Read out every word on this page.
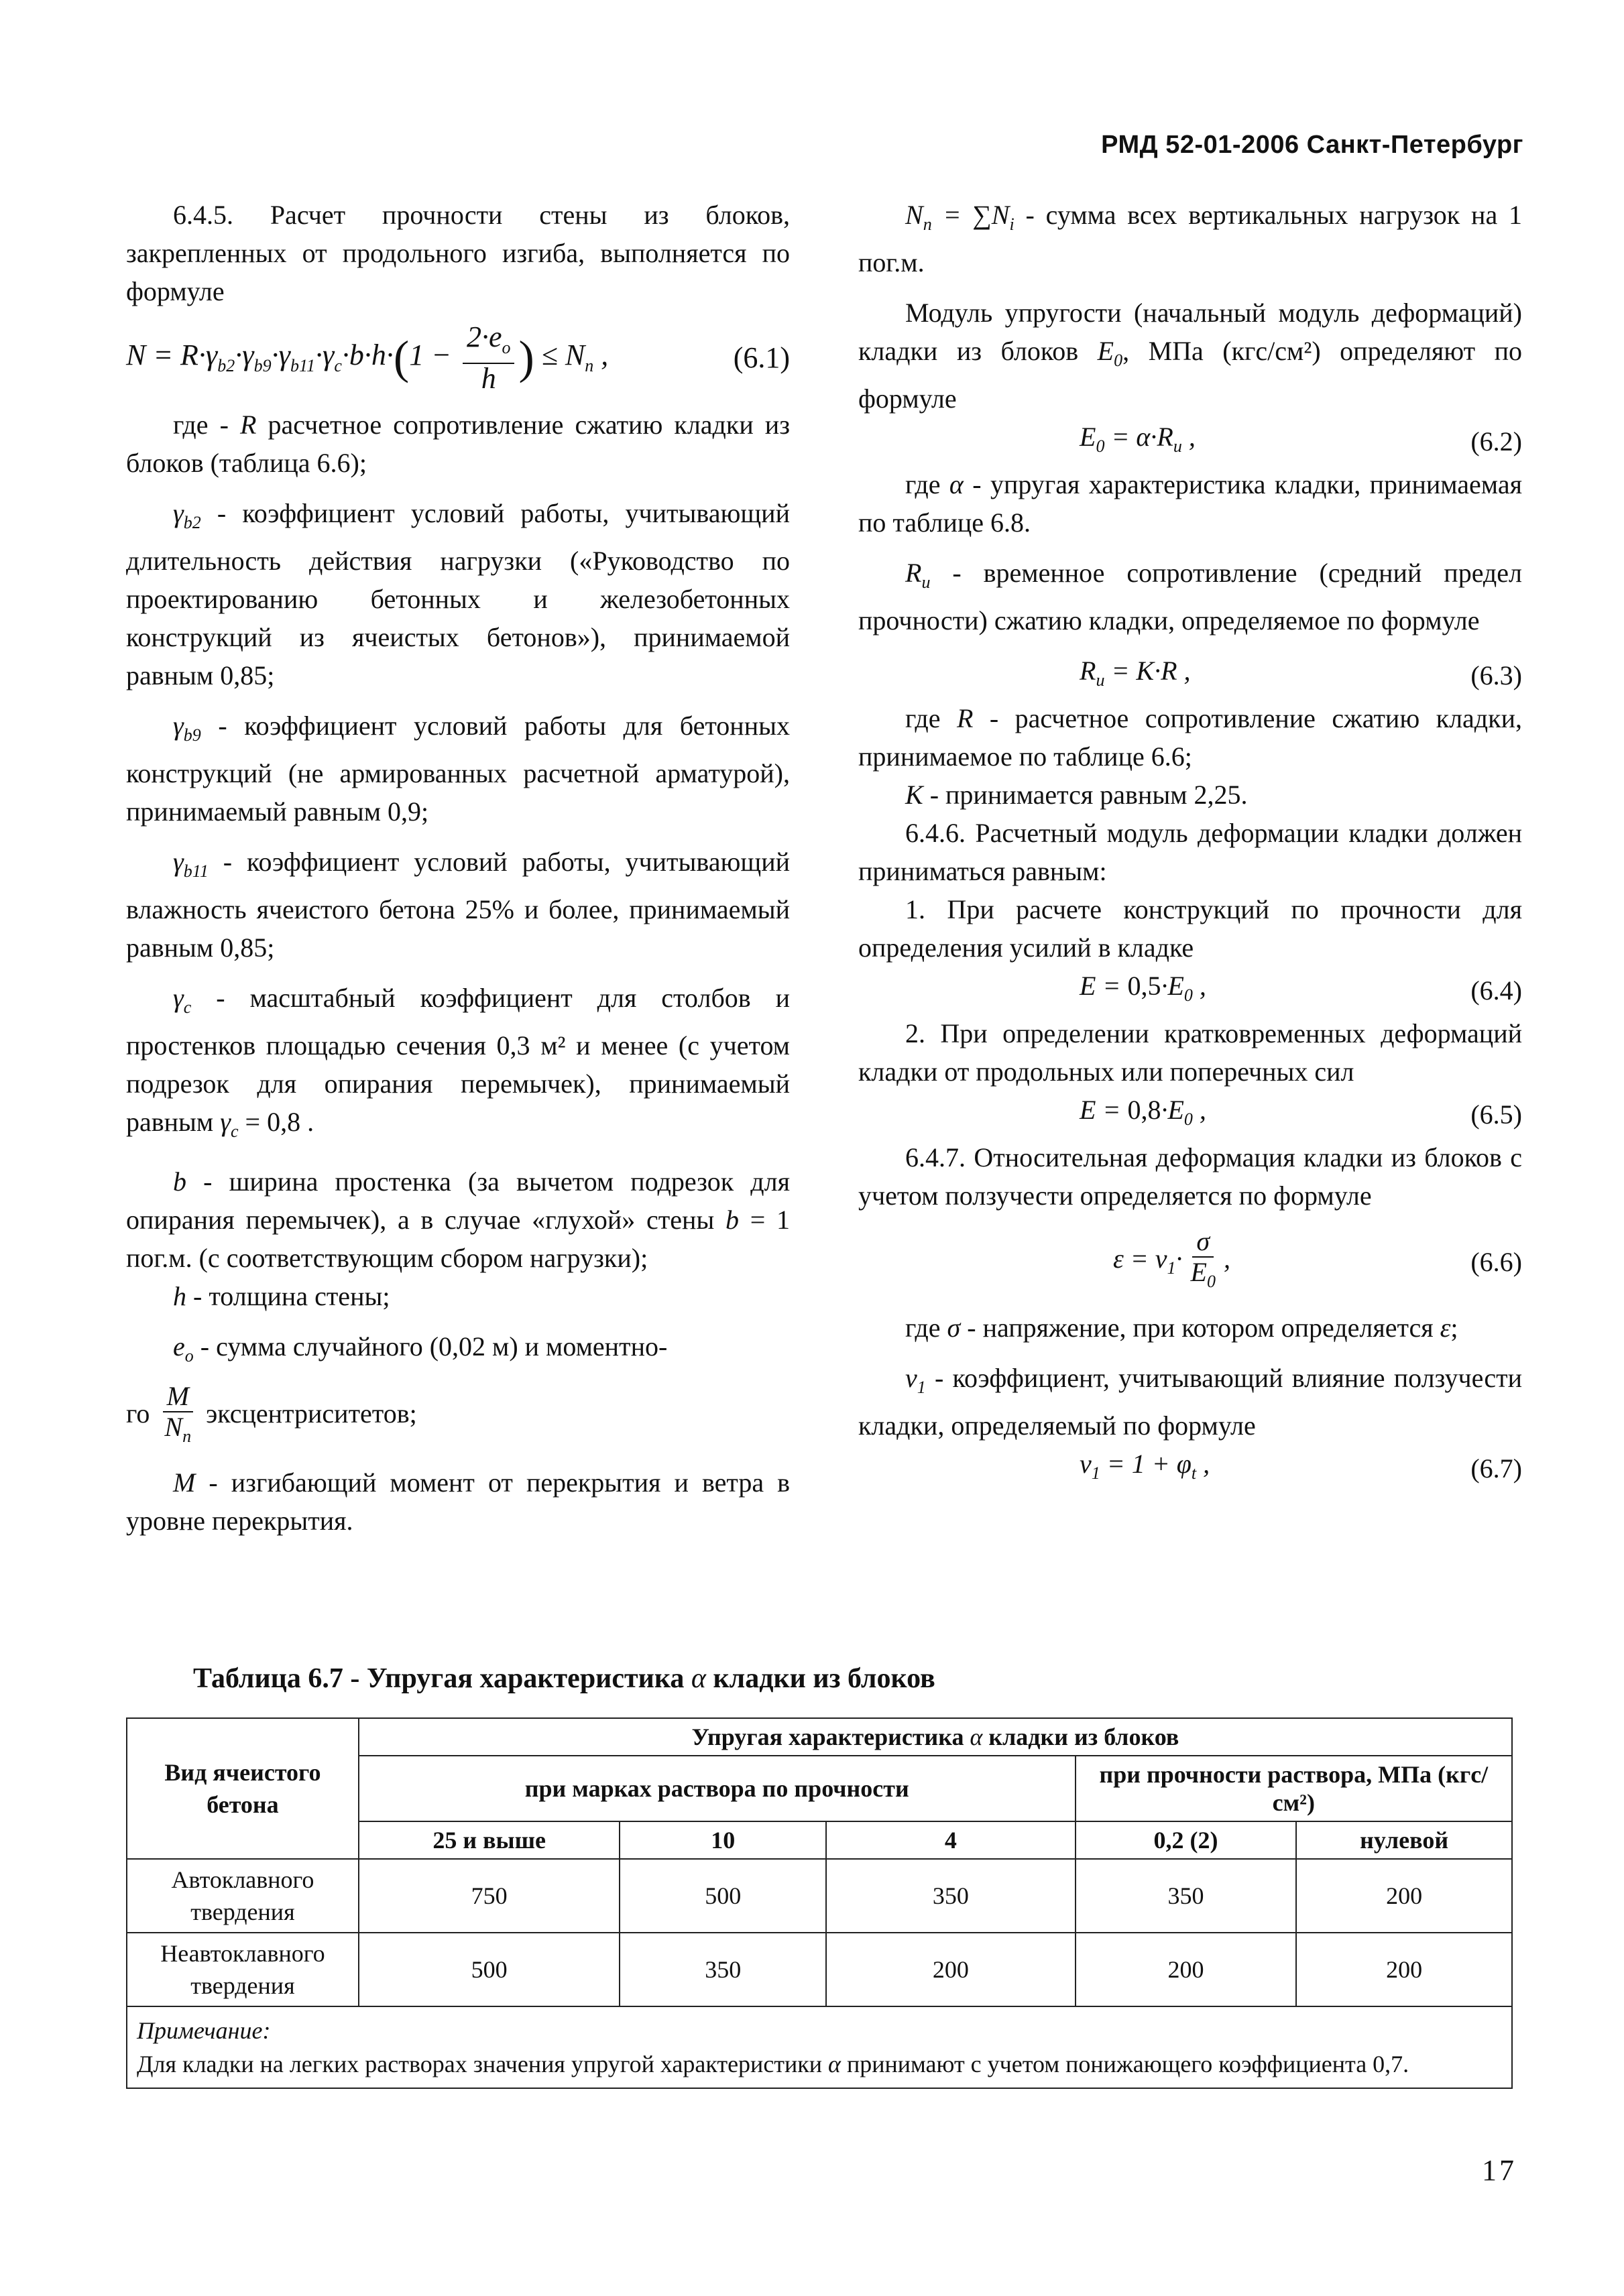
РМД 52-01-2006 Санкт-Петербург

6.4.5. Расчет прочности стены из блоков, закрепленных от продольного изгиба, выполняется по формуле

$N = R\cdot\gamma_{b2}\cdot\gamma_{b9}\cdot\gamma_{b11}\cdot\gamma_c\cdot b\cdot h\cdot(1 - \frac{2\cdot e_o}{h}$ ) ≤ $N_n$ ,	(6.1)

где - R расчетное сопротивление сжатию кладки из блоков (таблица 6.6);

$\gamma_{b2}$ - коэффициент условий работы, учитывающий длительность действия нагрузки («Руководство по проектированию бетонных и железобетонных конструкций из ячеистых бетонов»), принимаемой равным 0,85;

$\gamma_{b9}$ - коэффициент условий работы для бетонных конструкций (не армированных расчетной арматурой), принимаемый равным 0,9;

$\gamma_{b11}$ - коэффициент условий работы, учитывающий влажность ячеистого бетона 25% и более, принимаемый равным 0,85;

$\gamma_c$ - масштабный коэффициент для столбов и простенков площадью сечения 0,3 м² и менее (с учетом подрезок для опирания перемычек), принимаемый равным $\gamma_c = 0,8$ .

b - ширина простенка (за вычетом подрезок для опирания перемычек), а в случае «глухой» стены b = 1 пог.м. (с соответствующим сбором нагрузки);

h - толщина стены;

$e_o$ - сумма случайного (0,02 м) и моментно-

го $\frac{M}{N_n}$ эксцентриситетов;

M - изгибающий момент от перекрытия и ветра в уровне перекрытия.

$N_n = \sum N_i$ - сумма всех вертикальных нагрузок на 1 пог.м.

Модуль упругости (начальный модуль деформаций) кладки из блоков $E_0$, МПа (кгс/см²) определяют по формуле

$E_0 = \alpha\cdot R_u$ ,	(6.2)

где α - упругая характеристика кладки, принимаемая по таблице 6.8.

$R_u$ - временное сопротивление (средний предел прочности) сжатию кладки, определяемое по формуле

$R_u = K\cdot R$ ,	(6.3)

где R - расчетное сопротивление сжатию кладки, принимаемое по таблице 6.6;

K - принимается равным 2,25.

6.4.6. Расчетный модуль деформации кладки должен приниматься равным:

1. При расчете конструкций по прочности для определения усилий в кладке

$E = 0,5\cdot E_0$ ,	(6.4)

2. При определении кратковременных деформаций кладки от продольных или поперечных сил

$E = 0,8\cdot E_0$ ,	(6.5)

6.4.7. Относительная деформация кладки из блоков с учетом ползучести определяется по формуле

$\varepsilon = \nu_1\cdot \frac{\sigma}{E_0}$ ,	(6.6)

где σ - напряжение, при котором определяется ε;

$\nu_1$ - коэффициент, учитывающий влияние ползучести кладки, определяемый по формуле

$\nu_1 = 1 + \varphi_t$ ,	(6.7)
Таблица 6.7 - Упругая характеристика α кладки из блоков
Вид ячеистого бетона	Упругая характеристика α кладки из блоков				
	при марках раствора по прочности			при прочности раствора, МПа (кгс/см²)	
	25 и выше	10	4	0,2 (2)	нулевой
Автоклавного твердения	750	500	350	350	200
Неавтоклавного твердения	500	350	200	200	200
Примечание:
Для кладки на легких растворах значения упругой характеристики α принимают с учетом понижающего коэффициента 0,7.					
17
